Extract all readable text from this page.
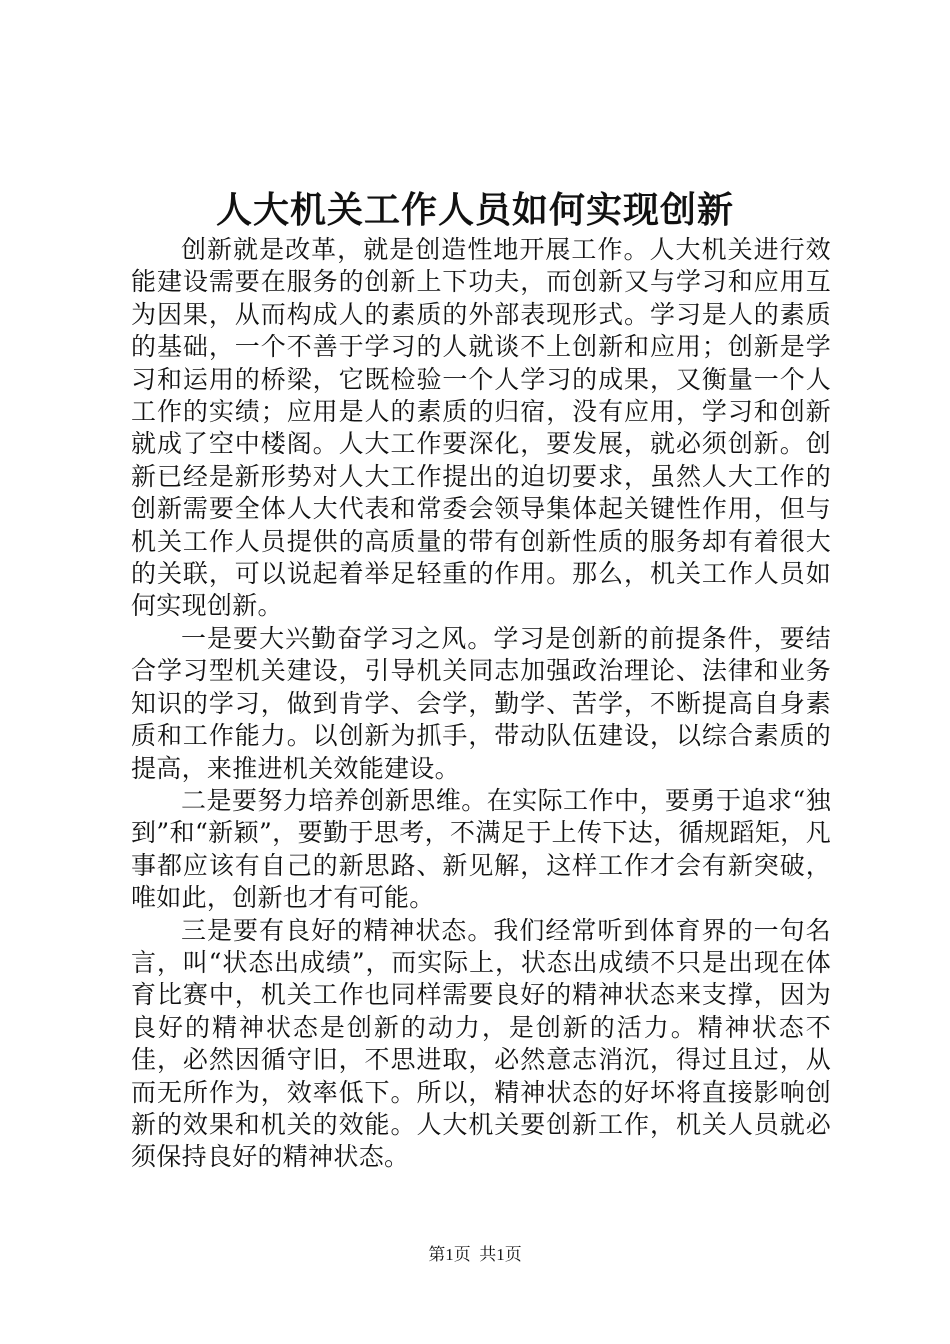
人大机关工作人员如何实现创新

创新就是改革，就是创造性地开展工作。人大机关进行效能建设需要在服务的创新上下功夫，而创新又与学习和应用互为因果，从而构成人的素质的外部表现形式。学习是人的素质的基础，一个不善于学习的人就谈不上创新和应用；创新是学习和运用的桥梁，它既检验一个人学习的成果，又衡量一个人工作的实绩；应用是人的素质的归宿，没有应用，学习和创新就成了空中楼阁。人大工作要深化，要发展，就必须创新。创新已经是新形势对人大工作提出的迫切要求，虽然人大工作的创新需要全体人大代表和常委会领导集体起关键性作用，但与机关工作人员提供的高质量的带有创新性质的服务却有着很大的关联，可以说起着举足轻重的作用。那么，机关工作人员如何实现创新。

一是要大兴勤奋学习之风。学习是创新的前提条件，要结合学习型机关建设，引导机关同志加强政治理论、法律和业务知识的学习，做到肯学、会学，勤学、苦学，不断提高自身素质和工作能力。以创新为抓手，带动队伍建设，以综合素质的提高，来推进机关效能建设。

二是要努力培养创新思维。在实际工作中，要勇于追求“独到”和“新颖”，要勤于思考，不满足于上传下达，循规蹈矩，凡事都应该有自己的新思路、新见解，这样工作才会有新突破，唯如此，创新也才有可能。

三是要有良好的精神状态。我们经常听到体育界的一句名言，叫“状态出成绩”，而实际上，状态出成绩不只是出现在体育比赛中，机关工作也同样需要良好的精神状态来支撑，因为良好的精神状态是创新的动力，是创新的活力。精神状态不佳，必然因循守旧，不思进取，必然意志消沉，得过且过，从而无所作为，效率低下。所以，精神状态的好坏将直接影响创新的效果和机关的效能。人大机关要创新工作，机关人员就必须保持良好的精神状态。

第1页 共1页
